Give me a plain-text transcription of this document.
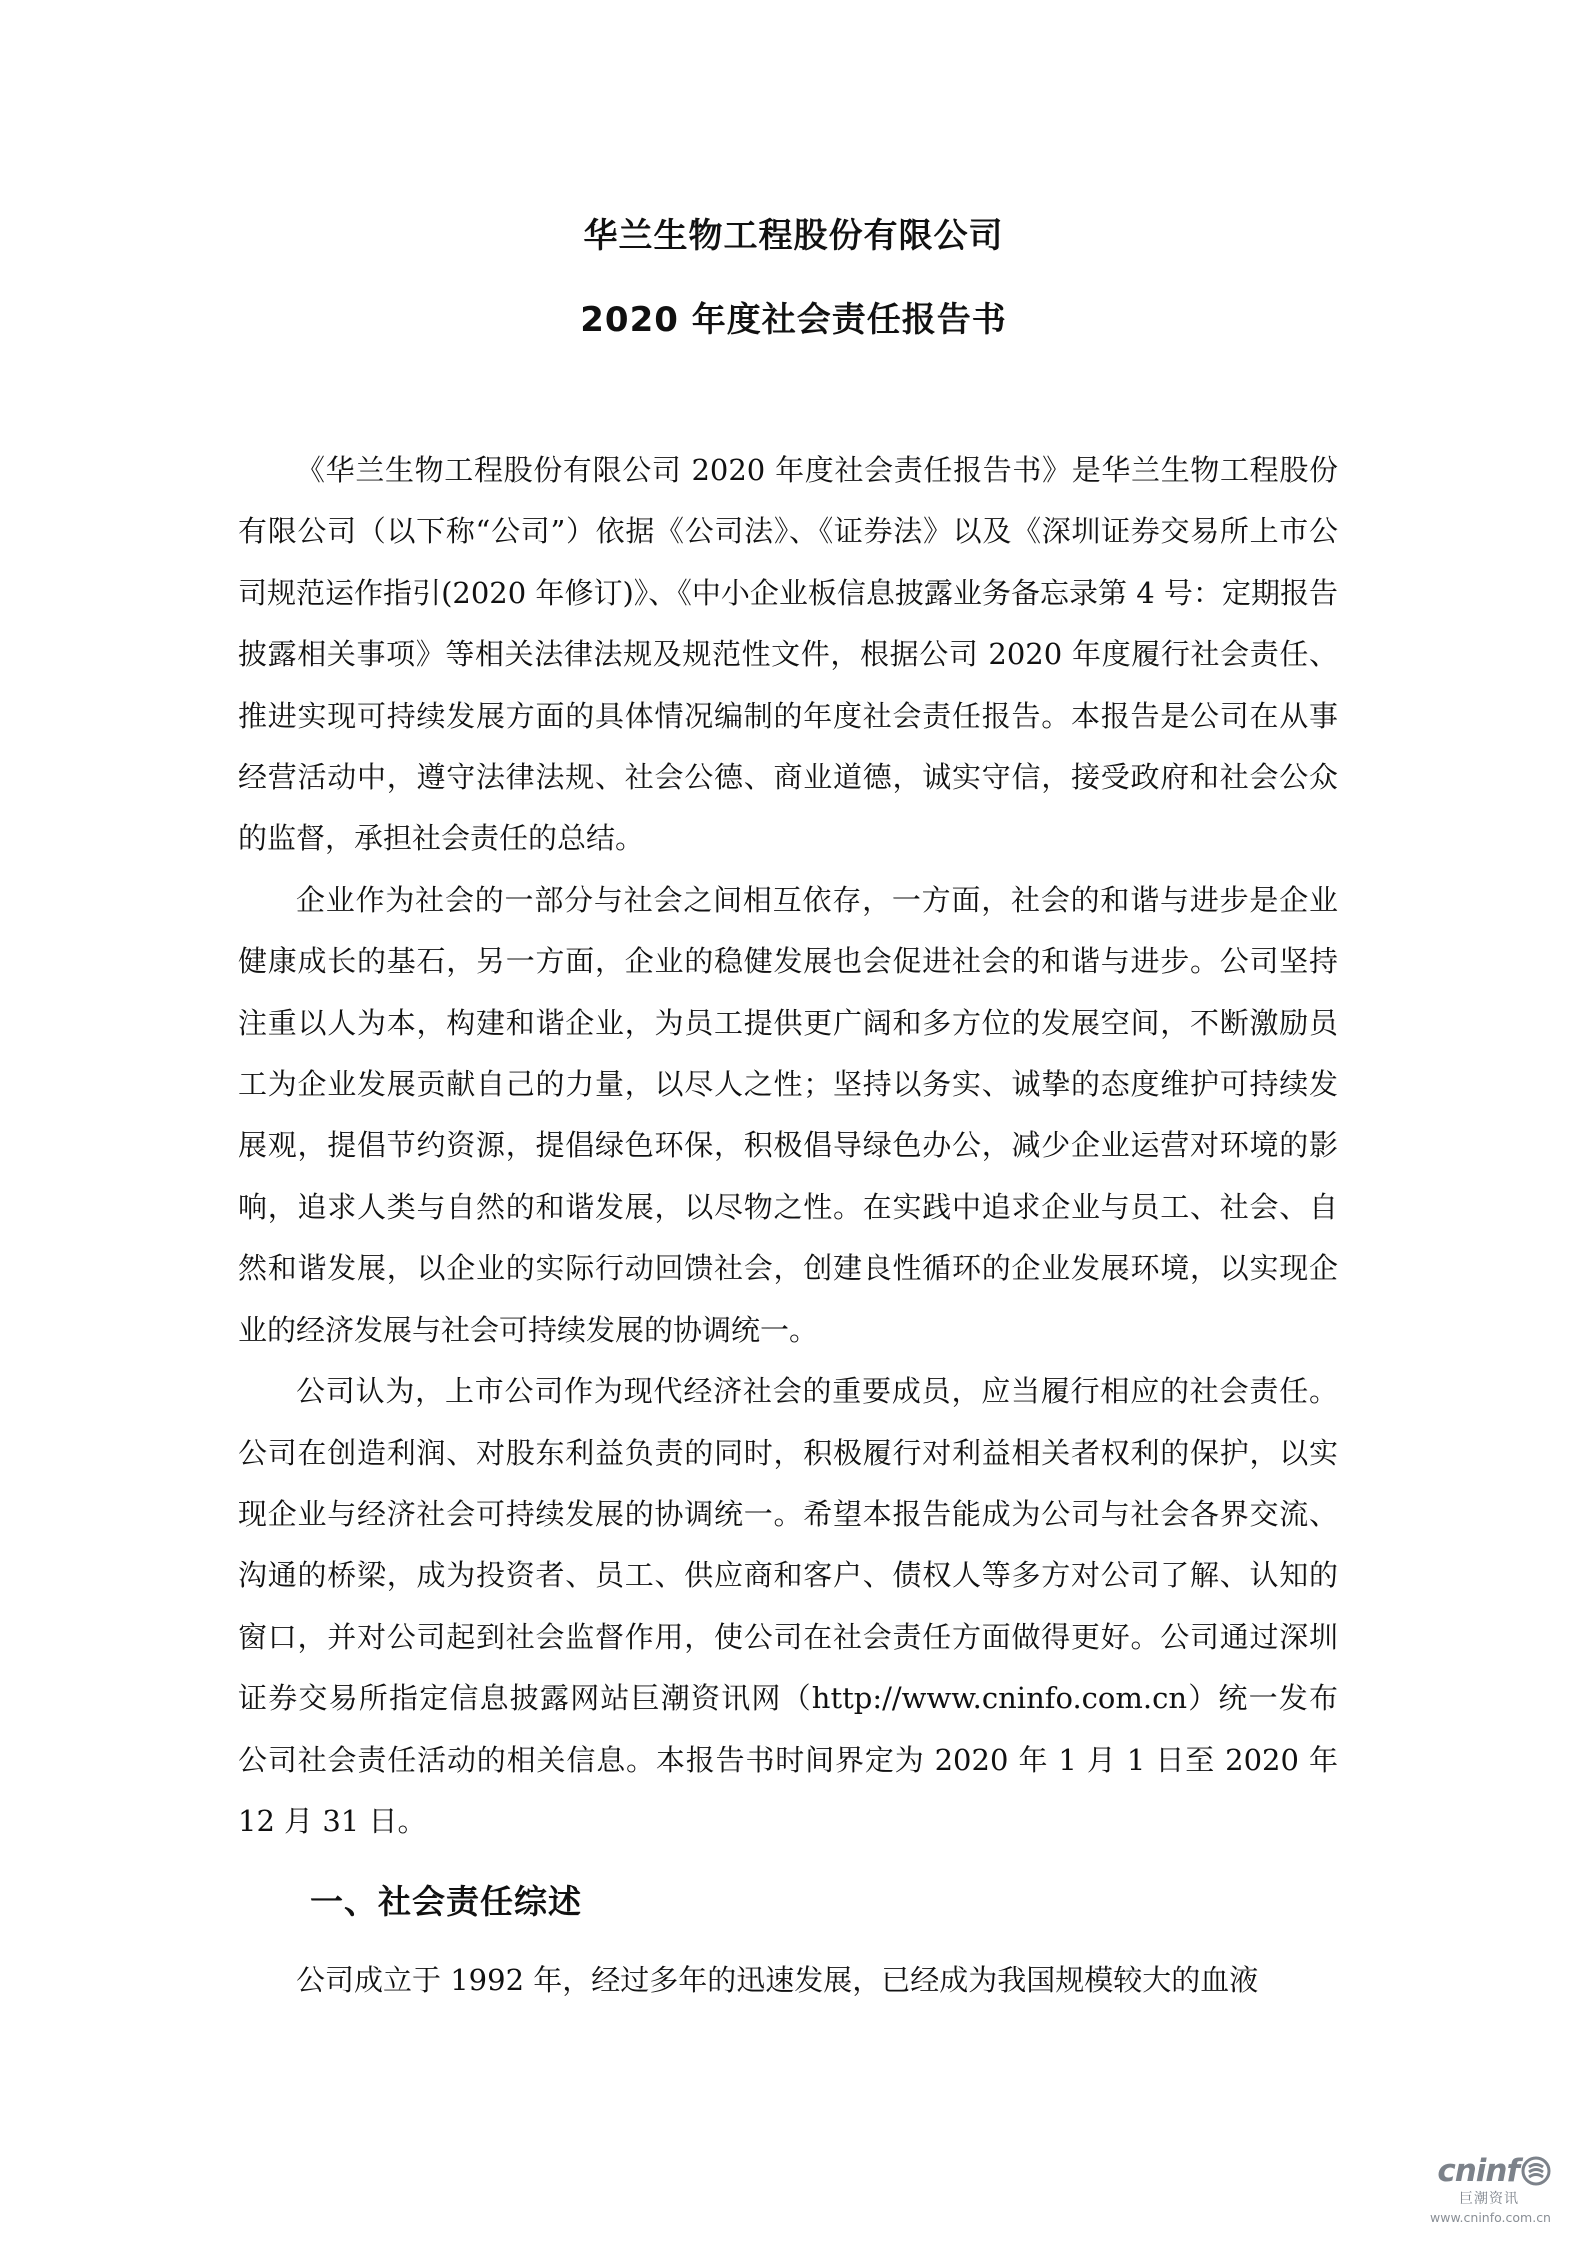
华兰生物工程股份有限公司
2020 年度社会责任报告书

《华兰生物工程股份有限公司 2020 年度社会责任报告书》是华兰生物工程股份有限公司（以下称“公司”）依据《公司法》、《证券法》以及《深圳证券交易所上市公司规范运作指引(2020 年修订)》、《中小企业板信息披露业务备忘录第 4 号：定期报告披露相关事项》等相关法律法规及规范性文件，根据公司 2020 年度履行社会责任、推进实现可持续发展方面的具体情况编制的年度社会责任报告。本报告是公司在从事经营活动中，遵守法律法规、社会公德、商业道德，诚实守信，接受政府和社会公众的监督，承担社会责任的总结。

企业作为社会的一部分与社会之间相互依存，一方面，社会的和谐与进步是企业健康成长的基石，另一方面，企业的稳健发展也会促进社会的和谐与进步。公司坚持注重以人为本，构建和谐企业，为员工提供更广阔和多方位的发展空间，不断激励员工为企业发展贡献自己的力量，以尽人之性；坚持以务实、诚挚的态度维护可持续发展观，提倡节约资源，提倡绿色环保，积极倡导绿色办公，减少企业运营对环境的影响，追求人类与自然的和谐发展，以尽物之性。在实践中追求企业与员工、社会、自然和谐发展，以企业的实际行动回馈社会，创建良性循环的企业发展环境，以实现企业的经济发展与社会可持续发展的协调统一。

公司认为，上市公司作为现代经济社会的重要成员，应当履行相应的社会责任。公司在创造利润、对股东利益负责的同时，积极履行对利益相关者权利的保护，以实现企业与经济社会可持续发展的协调统一。希望本报告能成为公司与社会各界交流、沟通的桥梁，成为投资者、员工、供应商和客户、债权人等多方对公司了解、认知的窗口，并对公司起到社会监督作用，使公司在社会责任方面做得更好。公司通过深圳证券交易所指定信息披露网站巨潮资讯网（http://www.cninfo.com.cn）统一发布公司社会责任活动的相关信息。本报告书时间界定为 2020 年 1 月 1 日至 2020 年 12 月 31 日。

一、社会责任综述

公司成立于 1992 年，经过多年的迅速发展，已经成为我国规模较大的血液

cninf
巨潮资讯
www.cninfo.com.cn
